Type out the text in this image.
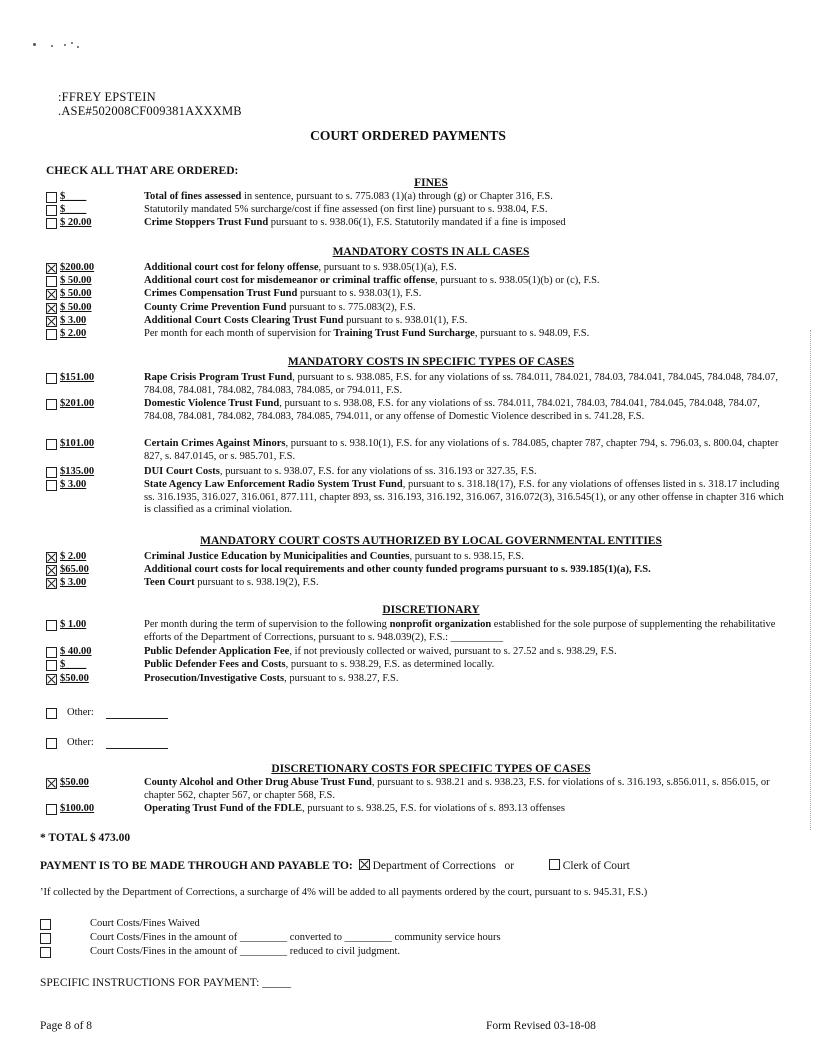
:FFREY EPSTEIN
.ASE#502008CF009381AXXXMB
COURT ORDERED PAYMENTS
CHECK ALL THAT ARE ORDERED:
FINES
$____	Total of fines assessed in sentence, pursuant to s. 775.083 (1)(a) through (g) or Chapter 316, F.S.
$____	Statutorily mandated 5% surcharge/cost if fine assessed (on first line) pursuant to s. 938.04, F.S.
$ 20.00	Crime Stoppers Trust Fund pursuant to s. 938.06(1), F.S. Statutorily mandated if a fine is imposed
MANDATORY COSTS IN ALL CASES
$200.00	Additional court cost for felony offense, pursuant to s. 938.05(1)(a), F.S.
$ 50.00	Additional court cost for misdemeanor or criminal traffic offense, pursuant to s. 938.05(1)(b) or (c), F.S.
$ 50.00	Crimes Compensation Trust Fund pursuant to s. 938.03(1), F.S.
$ 50.00	County Crime Prevention Fund pursuant to s. 775.083(2), F.S.
$ 3.00	Additional Court Costs Clearing Trust Fund pursuant to s. 938.01(1), F.S.
$ 2.00	Per month for each month of supervision for Training Trust Fund Surcharge, pursuant to s. 948.09, F.S.
MANDATORY COSTS IN SPECIFIC TYPES OF CASES
$151.00	Rape Crisis Program Trust Fund, pursuant to s. 938.085, F.S. for any violations of ss. 784.011, 784.021, 784.03, 784.041, 784.045, 784.048, 784.07, 784.08, 784.081, 784.082, 784.083, 784.085, or 794.011, F.S.
$201.00	Domestic Violence Trust Fund, pursuant to s. 938.08, F.S. for any violations of ss. 784.011, 784.021, 784.03, 784.041, 784.045, 784.048, 784.07, 784.08, 784.081, 784.082, 784.083, 784.085, 794.011, or any offense of Domestic Violence described in s. 741.28, F.S.
$101.00	Certain Crimes Against Minors, pursuant to s. 938.10(1), F.S. for any violations of s. 784.085, chapter 787, chapter 794, s. 796.03, s. 800.04, chapter 827, s. 847.0145, or s. 985.701, F.S.
$135.00	DUI Court Costs, pursuant to s. 938.07, F.S. for any violations of ss. 316.193 or 327.35, F.S.
$ 3.00	State Agency Law Enforcement Radio System Trust Fund, pursuant to s. 318.18(17), F.S. for any violations of offenses listed in s. 318.17 including ss. 316.1935, 316.027, 316.061, 877.111, chapter 893, ss. 316.193, 316.192, 316.067, 316.072(3), 316.545(1), or any other offense in chapter 316 which is classified as a criminal violation.
MANDATORY COURT COSTS AUTHORIZED BY LOCAL GOVERNMENTAL ENTITIES
$ 2.00	Criminal Justice Education by Municipalities and Counties, pursuant to s. 938.15, F.S.
$65.00	Additional court costs for local requirements and other county funded programs pursuant to s. 939.185(1)(a), F.S.
$ 3.00	Teen Court pursuant to s. 938.19(2), F.S.
DISCRETIONARY
$ 1.00	Per month during the term of supervision to the following nonprofit organization established for the sole purpose of supplementing the rehabilitative efforts of the Department of Corrections, pursuant to s. 948.039(2), F.S.: __________
$ 40.00	Public Defender Application Fee, if not previously collected or waived, pursuant to s. 27.52 and s. 938.29, F.S.
$____	Public Defender Fees and Costs, pursuant to s. 938.29, F.S. as determined locally.
$50.00	Prosecution/Investigative Costs, pursuant to s. 938.27, F.S.
Other:
Other:
DISCRETIONARY COSTS FOR SPECIFIC TYPES OF CASES
$50.00	County Alcohol and Other Drug Abuse Trust Fund, pursuant to s. 938.21 and s. 938.23, F.S. for violations of s. 316.193, s.856.011, s. 856.015, or chapter 562, chapter 567, or chapter 568, F.S.
$100.00	Operating Trust Fund of the FDLE, pursuant to s. 938.25, F.S. for violations of s. 893.13 offenses
* TOTAL $ 473.00
PAYMENT IS TO BE MADE THROUGH AND PAYABLE TO: Department of Corrections or	Clerk of Court
’If collected by the Department of Corrections, a surcharge of 4% will be added to all payments ordered by the court, pursuant to s. 945.31, F.S.)
Court Costs/Fines Waived
Court Costs/Fines in the amount of _________ converted to _________ community service hours
Court Costs/Fines in the amount of _________ reduced to civil judgment.
SPECIFIC INSTRUCTIONS FOR PAYMENT: _____
Page 8 of 8	Form Revised 03-18-08
